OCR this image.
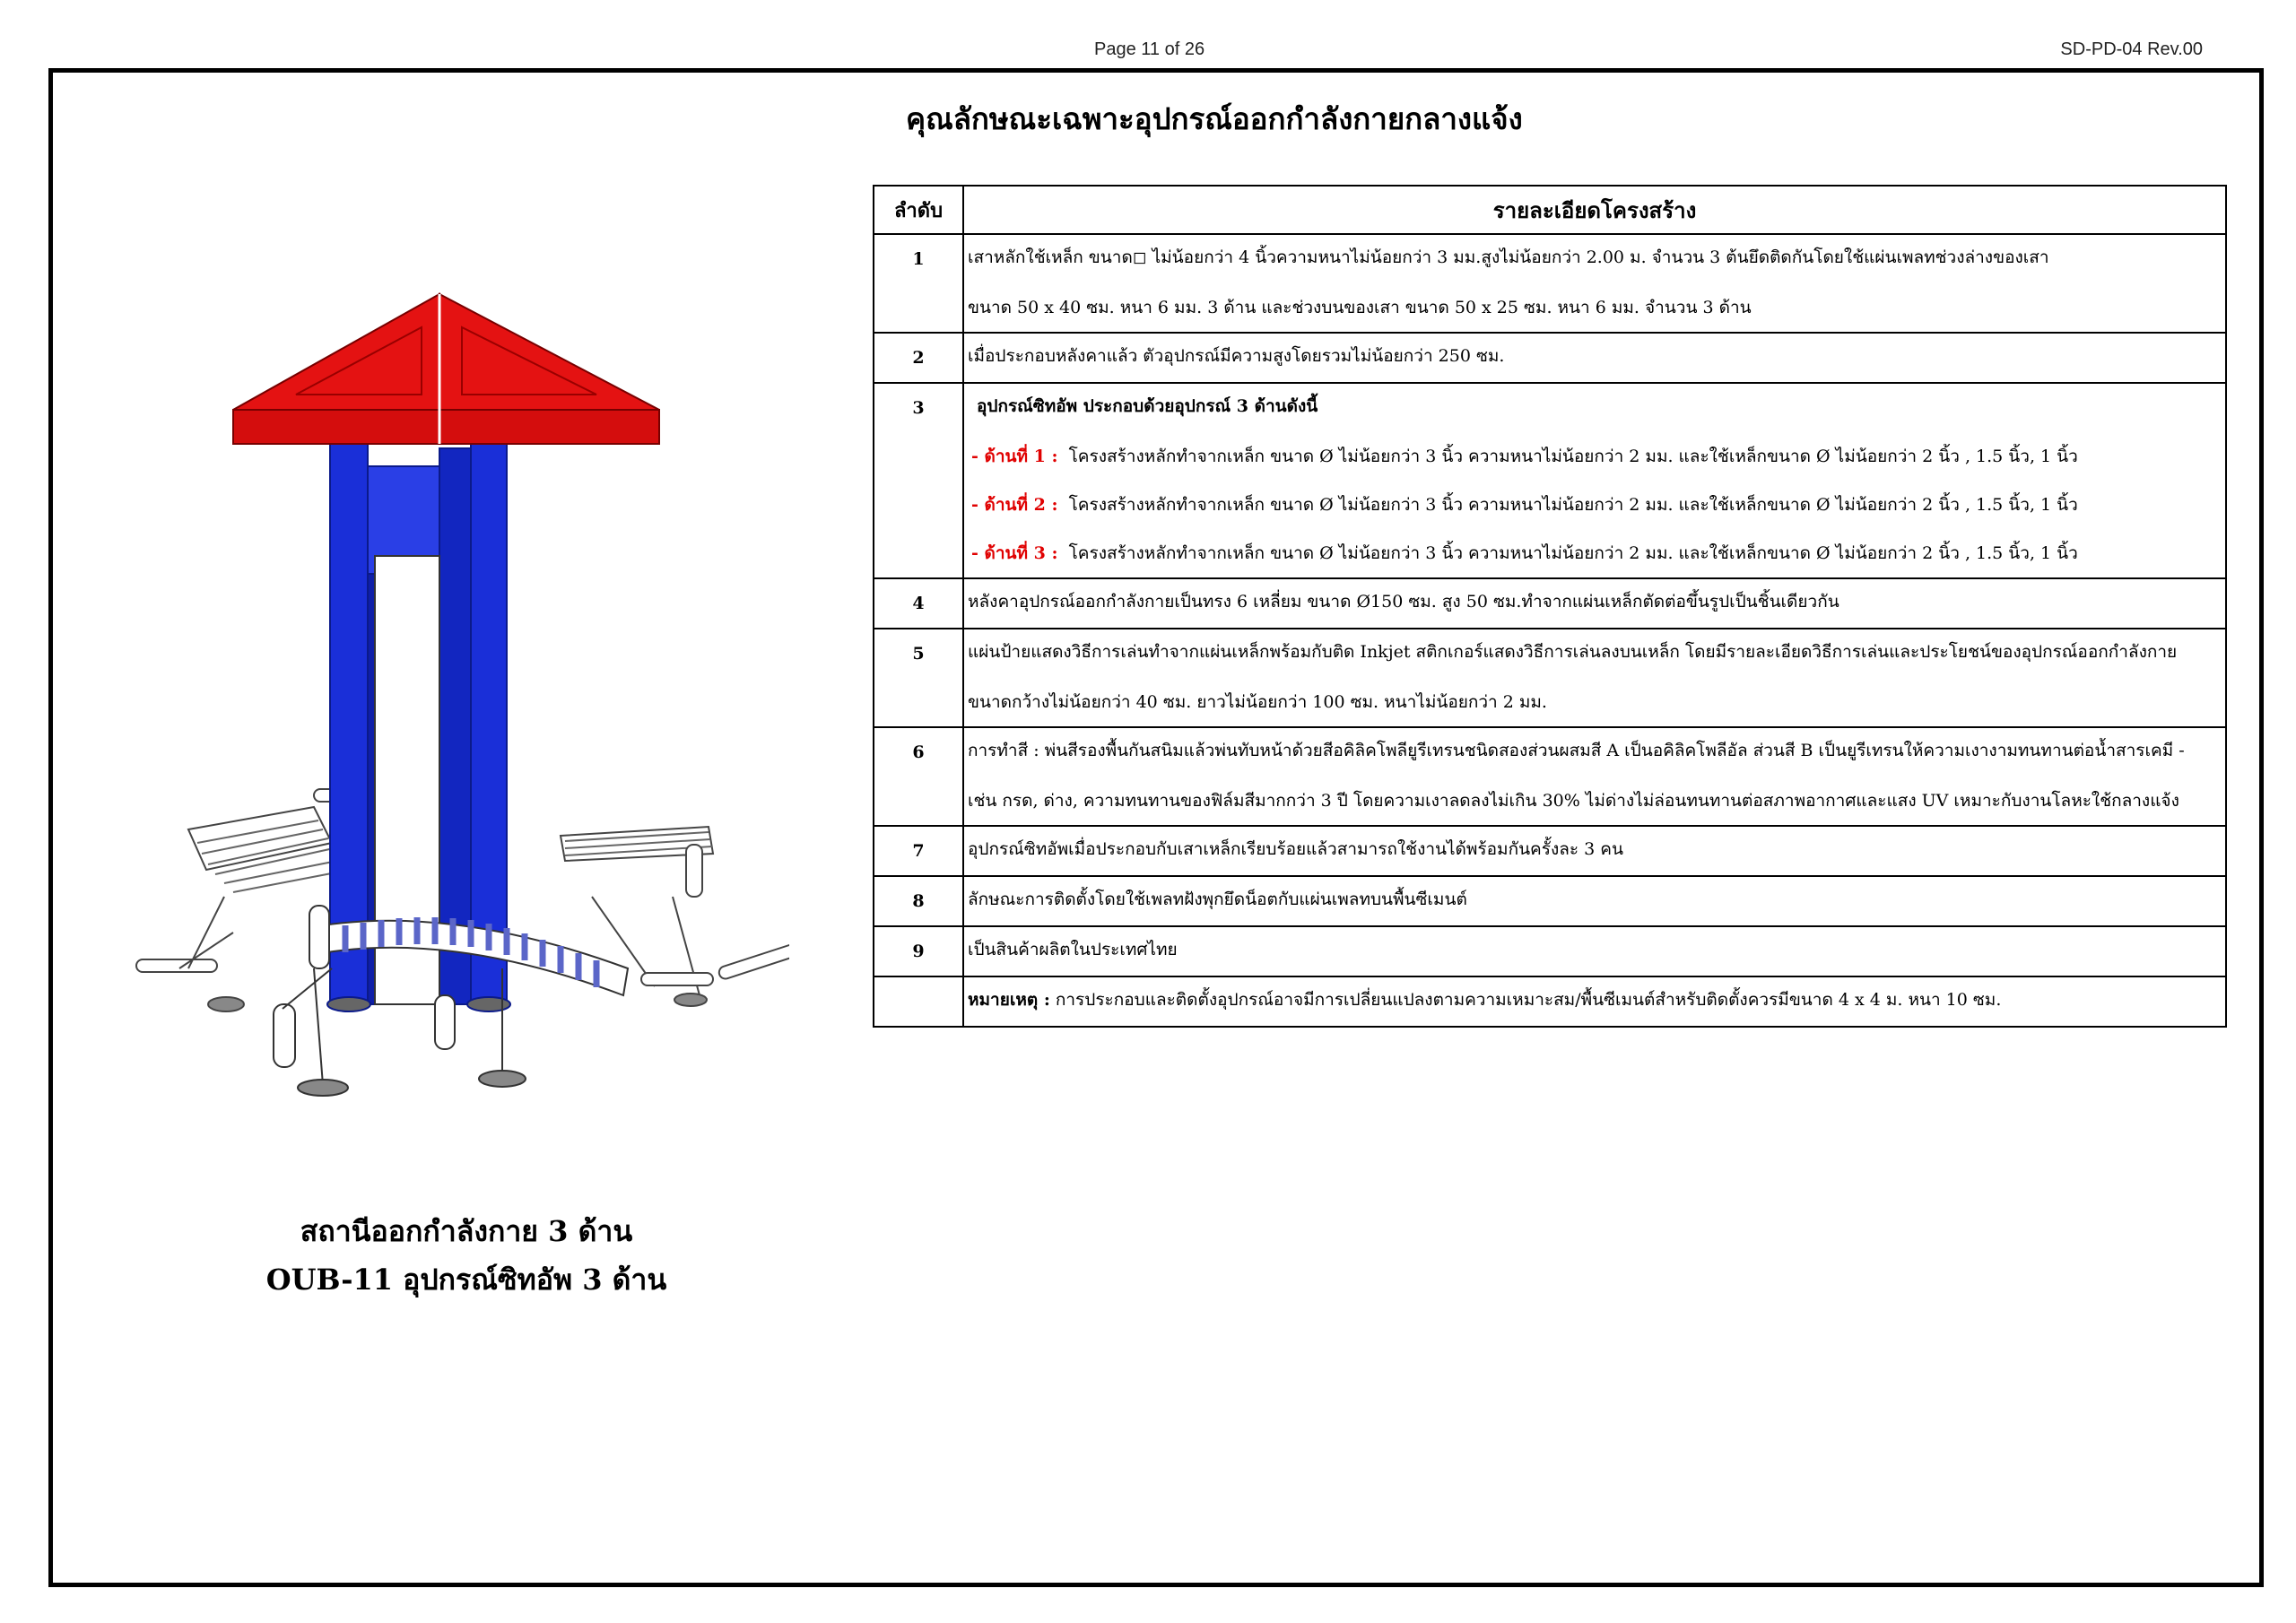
Page 11 of 26	SD-PD-04 Rev.00
คุณลักษณะเฉพาะอุปกรณ์ออกกำลังกายกลางแจ้ง
สถานีออกกำลังกาย 3 ด้าน
OUB-11 อุปกรณ์ซิทอัพ 3 ด้าน
ลำดับ	รายละเอียดโครงสร้าง
1	เสาหลักใช้เหล็ก ขนาด◻ ไม่น้อยกว่า 4 นิ้วความหนาไม่น้อยกว่า 3 มม.สูงไม่น้อยกว่า 2.00 ม. จำนวน 3 ต้นยึดติดกันโดยใช้แผ่นเพลทช่วงล่างของเสา
ขนาด 50 x 40 ซม. หนา 6 มม. 3 ด้าน และช่วงบนของเสา ขนาด 50 x 25 ซม. หนา 6 มม. จำนวน 3 ด้าน

2	เมื่อประกอบหลังคาแล้ว ตัวอุปกรณ์มีความสูงโดยรวมไม่น้อยกว่า 250 ซม.

3	อุปกรณ์ซิทอัพ ประกอบด้วยอุปกรณ์ 3 ด้านดังนี้
- ด้านที่ 1 : โครงสร้างหลักทำจากเหล็ก ขนาด Ø ไม่น้อยกว่า 3 นิ้ว ความหนาไม่น้อยกว่า 2 มม. และใช้เหล็กขนาด Ø ไม่น้อยกว่า 2 นิ้ว , 1.5 นิ้ว, 1 นิ้ว
- ด้านที่ 2 : โครงสร้างหลักทำจากเหล็ก ขนาด Ø ไม่น้อยกว่า 3 นิ้ว ความหนาไม่น้อยกว่า 2 มม. และใช้เหล็กขนาด Ø ไม่น้อยกว่า 2 นิ้ว , 1.5 นิ้ว, 1 นิ้ว
- ด้านที่ 3 : โครงสร้างหลักทำจากเหล็ก ขนาด Ø ไม่น้อยกว่า 3 นิ้ว ความหนาไม่น้อยกว่า 2 มม. และใช้เหล็กขนาด Ø ไม่น้อยกว่า 2 นิ้ว , 1.5 นิ้ว, 1 นิ้ว

4	หลังคาอุปกรณ์ออกกำลังกายเป็นทรง 6 เหลี่ยม ขนาด Ø150 ซม. สูง 50 ซม.ทำจากแผ่นเหล็กตัดต่อขึ้นรูปเป็นชิ้นเดียวกัน

5	แผ่นป้ายแสดงวิธีการเล่นทำจากแผ่นเหล็กพร้อมกับติด Inkjet สติกเกอร์แสดงวิธีการเล่นลงบนเหล็ก โดยมีรายละเอียดวิธีการเล่นและประโยชน์ของอุปกรณ์ออกกำลังกาย
ขนาดกว้างไม่น้อยกว่า 40 ซม. ยาวไม่น้อยกว่า 100 ซม. หนาไม่น้อยกว่า 2 มม.

6	การทำสี : พ่นสีรองพื้นกันสนิมแล้วพ่นทับหน้าด้วยสีอคิลิคโพลียูรีเทรนชนิดสองส่วนผสมสี A เป็นอคิลิคโพลีอัล ส่วนสี B เป็นยูรีเทรนให้ความเงางามทนทานต่อน้ำสารเคมี -
เช่น กรด, ด่าง, ความทนทานของฟิล์มสีมากกว่า 3 ปี โดยความเงาลดลงไม่เกิน 30% ไม่ด่างไม่ล่อนทนทานต่อสภาพอากาศและแสง UV เหมาะกับงานโลหะใช้กลางแจ้ง

7	อุปกรณ์ซิทอัพเมื่อประกอบกับเสาเหล็กเรียบร้อยแล้วสามารถใช้งานได้พร้อมกันครั้งละ 3 คน

8	ลักษณะการติดตั้งโดยใช้เพลทฝังพุกยึดน็อตกับแผ่นเพลทบนพื้นซีเมนต์

9	เป็นสินค้าผลิตในประเทศไทย

	หมายเหตุ : การประกอบและติดตั้งอุปกรณ์อาจมีการเปลี่ยนแปลงตามความเหมาะสม/พื้นซีเมนต์สำหรับติดตั้งควรมีขนาด 4 x 4 ม. หนา 10 ซม.
